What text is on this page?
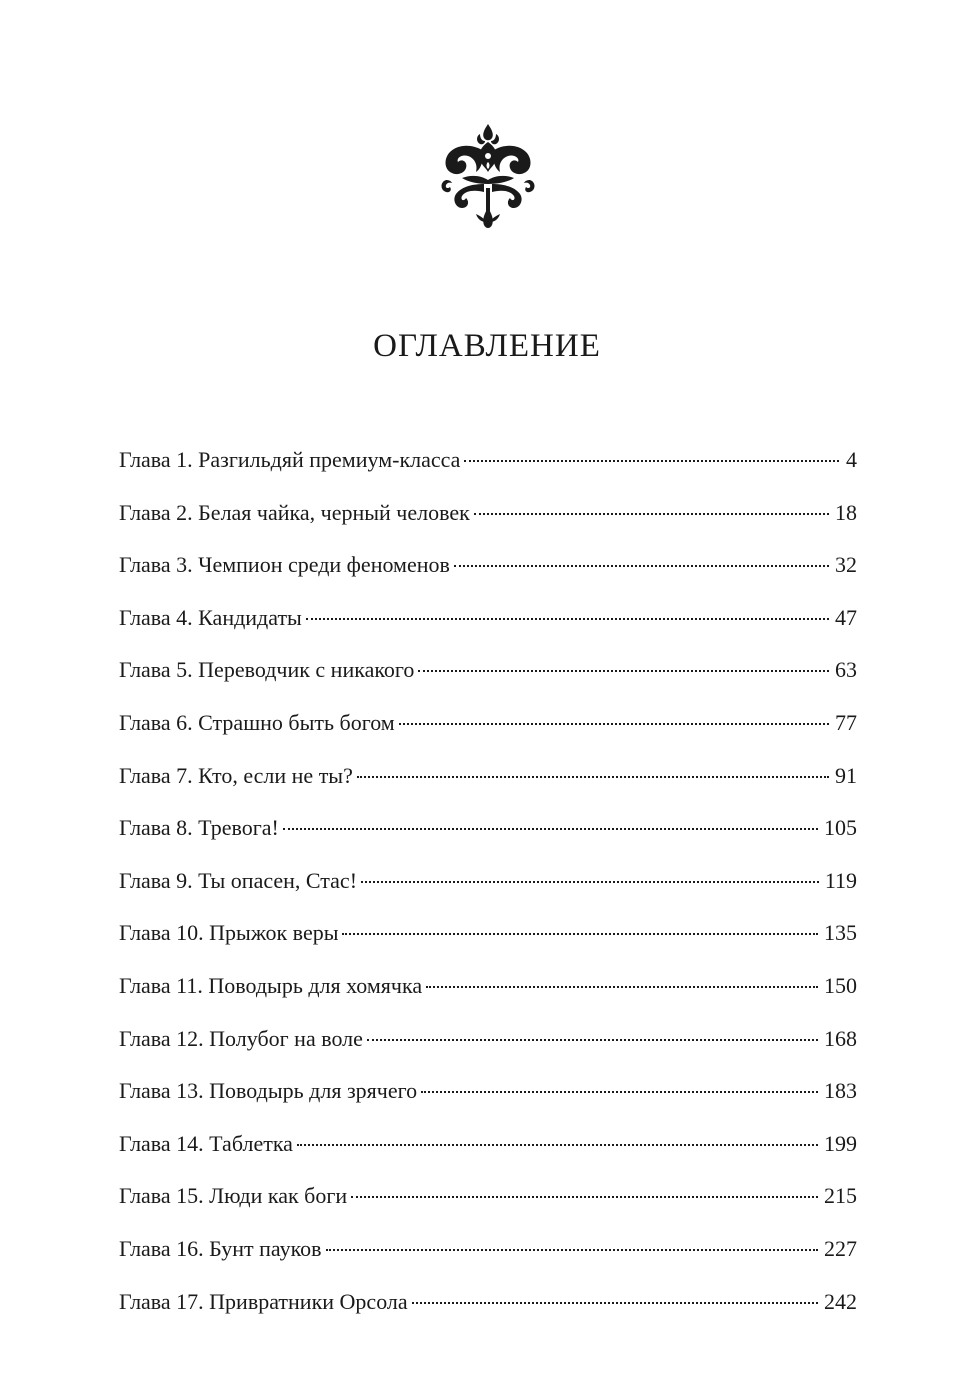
ОГЛАВЛЕНИЕ
Глава 1. Разгильдяй премиум-класса	4
Глава 2. Белая чайка, черный человек	18
Глава 3. Чемпион среди феноменов	32
Глава 4. Кандидаты	47
Глава 5. Переводчик с никакого	63
Глава 6. Страшно быть богом	77
Глава 7. Кто, если не ты?	91
Глава 8. Тревога!	105
Глава 9. Ты опасен, Стас!	119
Глава 10. Прыжок веры	135
Глава 11. Поводырь для хомячка	150
Глава 12. Полубог на воле	168
Глава 13. Поводырь для зрячего	183
Глава 14. Таблетка	199
Глава 15. Люди как боги	215
Глава 16. Бунт пауков	227
Глава 17. Привратники Орсола	242
